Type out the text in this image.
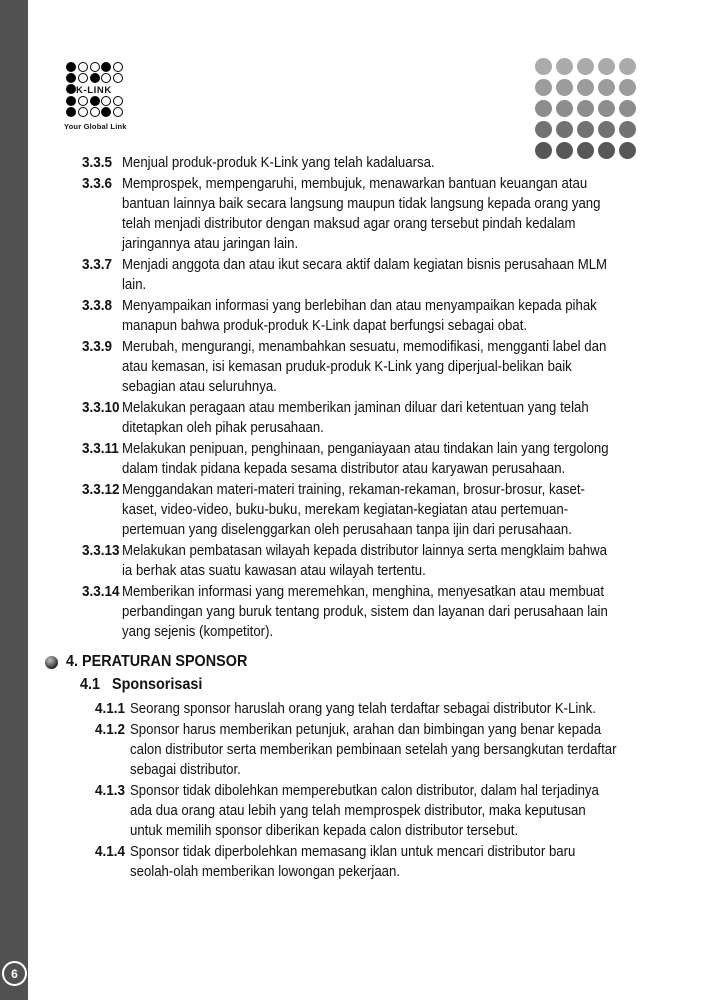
6
K-LINK
Your Global Link
3.3.5 Menjual produk-produk K-Link yang telah kadaluarsa.
3.3.6 Memprospek, mempengaruhi, membujuk, menawarkan bantuan keuangan atau bantuan lainnya baik secara langsung maupun tidak langsung kepada orang yang telah menjadi distributor dengan maksud agar orang tersebut pindah kedalam jaringannya atau jaringan lain.
3.3.7 Menjadi anggota dan atau ikut secara aktif dalam kegiatan bisnis perusahaan MLM lain.
3.3.8 Menyampaikan informasi yang berlebihan dan atau menyampaikan kepada pihak manapun bahwa produk-produk K-Link dapat berfungsi sebagai obat.
3.3.9 Merubah, mengurangi, menambahkan sesuatu, memodifikasi, mengganti label dan atau kemasan, isi kemasan pruduk-produk K-Link yang diperjual-belikan baik sebagian atau seluruhnya.
3.3.10 Melakukan peragaan atau memberikan jaminan diluar dari ketentuan yang telah ditetapkan oleh pihak perusahaan.
3.3.11 Melakukan penipuan, penghinaan, penganiayaan atau tindakan lain yang tergolong dalam tindak pidana kepada sesama distributor atau karyawan perusahaan.
3.3.12 Menggandakan materi-materi training, rekaman-rekaman, brosur-brosur, kaset-kaset, video-video, buku-buku, merekam kegiatan-kegiatan atau pertemuan-pertemuan yang diselenggarkan oleh perusahaan tanpa ijin dari perusahaan.
3.3.13 Melakukan pembatasan wilayah kepada distributor lainnya serta mengklaim bahwa ia berhak atas suatu kawasan atau wilayah tertentu.
3.3.14 Memberikan informasi yang meremehkan, menghina, menyesatkan atau membuat perbandingan yang buruk tentang produk, sistem dan layanan dari perusahaan lain yang sejenis (kompetitor).
4. PERATURAN SPONSOR
4.1 Sponsorisasi
4.1.1 Seorang sponsor haruslah orang yang telah terdaftar sebagai distributor K-Link.
4.1.2 Sponsor harus memberikan petunjuk, arahan dan bimbingan yang benar kepada calon distributor serta memberikan pembinaan setelah yang bersangkutan terdaftar sebagai distributor.
4.1.3 Sponsor tidak dibolehkan memperebutkan calon distributor, dalam hal terjadinya ada dua orang atau lebih yang telah memprospek distributor, maka keputusan untuk memilih sponsor diberikan kepada calon distributor tersebut.
4.1.4 Sponsor tidak diperbolehkan memasang iklan untuk mencari distributor baru seolah-olah memberikan lowongan pekerjaan.
